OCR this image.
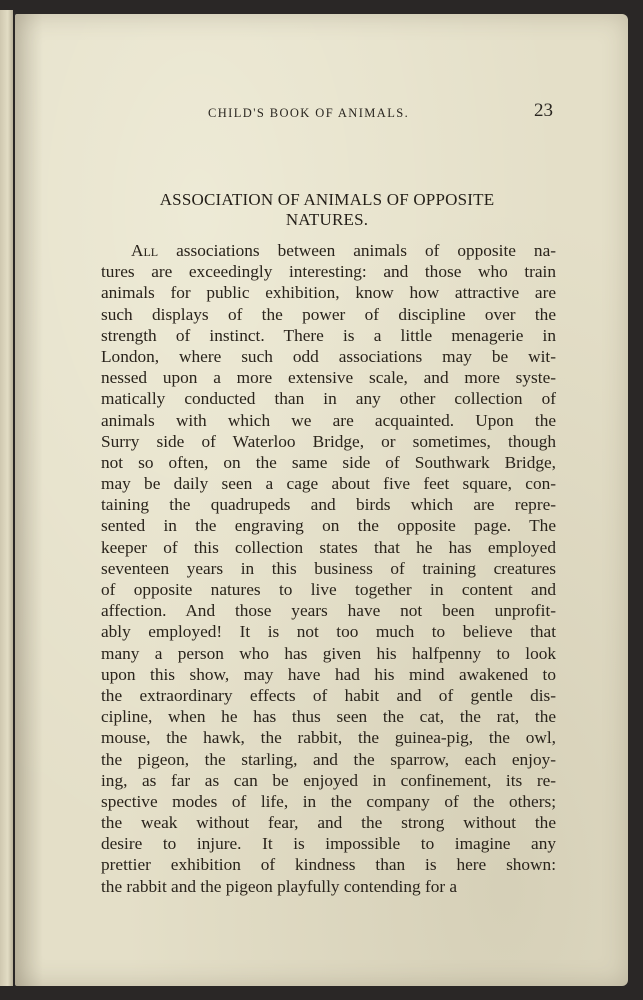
CHILD'S BOOK OF ANIMALS.	23
ASSOCIATION OF ANIMALS OF OPPOSITE
NATURES.
All associations between animals of opposite na-
tures are exceedingly interesting: and those who train
animals for public exhibition, know how attractive are
such displays of the power of discipline over the
strength of instinct. There is a little menagerie in
London, where such odd associations may be wit-
nessed upon a more extensive scale, and more syste-
matically conducted than in any other collection of
animals with which we are acquainted. Upon the
Surry side of Waterloo Bridge, or sometimes, though
not so often, on the same side of Southwark Bridge,
may be daily seen a cage about five feet square, con-
taining the quadrupeds and birds which are repre-
sented in the engraving on the opposite page. The
keeper of this collection states that he has employed
seventeen years in this business of training creatures
of opposite natures to live together in content and
affection. And those years have not been unprofit-
ably employed! It is not too much to believe that
many a person who has given his halfpenny to look
upon this show, may have had his mind awakened to
the extraordinary effects of habit and of gentle dis-
cipline, when he has thus seen the cat, the rat, the
mouse, the hawk, the rabbit, the guinea-pig, the owl,
the pigeon, the starling, and the sparrow, each enjoy-
ing, as far as can be enjoyed in confinement, its re-
spective modes of life, in the company of the others;
the weak without fear, and the strong without the
desire to injure. It is impossible to imagine any
prettier exhibition of kindness than is here shown:
the rabbit and the pigeon playfully contending for a
